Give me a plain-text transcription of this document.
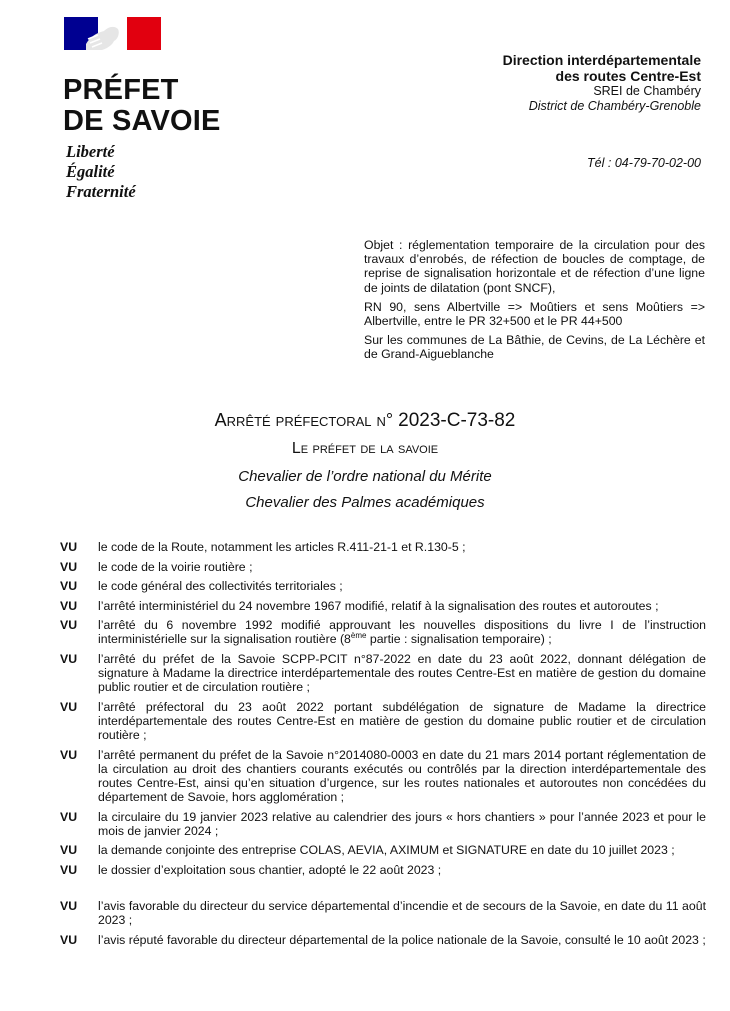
PRÉFET
DE SAVOIE
Liberté
Égalité
Fraternité
Direction interdépartementale
des routes Centre-Est
SREI de Chambéry
District de Chambéry-Grenoble
Tél : 04-79-70-02-00

Objet : réglementation temporaire de la circulation pour des travaux d’enrobés, de réfection de boucles de comptage, de reprise de signalisation horizontale et de réfection d’une ligne de joints de dilatation (pont SNCF),

RN 90, sens Albertville => Moûtiers et sens Moûtiers => Albertville, entre le PR 32+500 et le PR 44+500

Sur les communes de La Bâthie, de Cevins, de La Léchère et de Grand-Aigueblanche

Arrêté préfectoral n° 2023-C-73-82
Le préfet de la savoie
Chevalier de l’ordre national du Mérite
Chevalier des Palmes académiques
VU	le code de la Route, notamment les articles R.411-21-1 et R.130-5 ;
VU	le code de la voirie routière ;
VU	le code général des collectivités territoriales ;
VU	l’arrêté interministériel du 24 novembre 1967 modifié, relatif à la signalisation des routes et autoroutes ;
VU	l’arrêté du 6 novembre 1992 modifié approuvant les nouvelles dispositions du livre I de l’instruction interministérielle sur la signalisation routière (8ème partie : signalisation temporaire) ;
VU	l’arrêté du préfet de la Savoie SCPP-PCIT n°87-2022 en date du 23 août 2022, donnant délégation de signature à Madame la directrice interdépartementale des routes Centre-Est en matière de gestion du domaine public routier et de circulation routière ;
VU	l’arrêté préfectoral du 23 août 2022 portant subdélégation de signature de Madame la directrice interdépartementale des routes Centre-Est en matière de gestion du domaine public routier et de circulation routière ;
VU	l’arrêté permanent du préfet de la Savoie n°2014080-0003 en date du 21 mars 2014 portant réglementation de la circulation au droit des chantiers courants exécutés ou contrôlés par la direction interdépartementale des routes Centre-Est, ainsi qu’en situation d’urgence, sur les routes nationales et autoroutes non concédées du département de Savoie, hors agglomération ;
VU	la circulaire du 19 janvier 2023 relative au calendrier des jours « hors chantiers » pour l’année 2023 et pour le mois de janvier 2024 ;
VU	la demande conjointe des entreprise COLAS, AEVIA, AXIMUM et SIGNATURE en date du 10 juillet 2023 ;
VU	le dossier d’exploitation sous chantier, adopté le 22 août 2023 ;
VU	l’avis favorable du directeur du service départemental d’incendie et de secours de la Savoie, en date du 11 août 2023 ;
VU	l’avis réputé favorable du directeur départemental de la police nationale de la Savoie, consulté le 10 août 2023 ;
